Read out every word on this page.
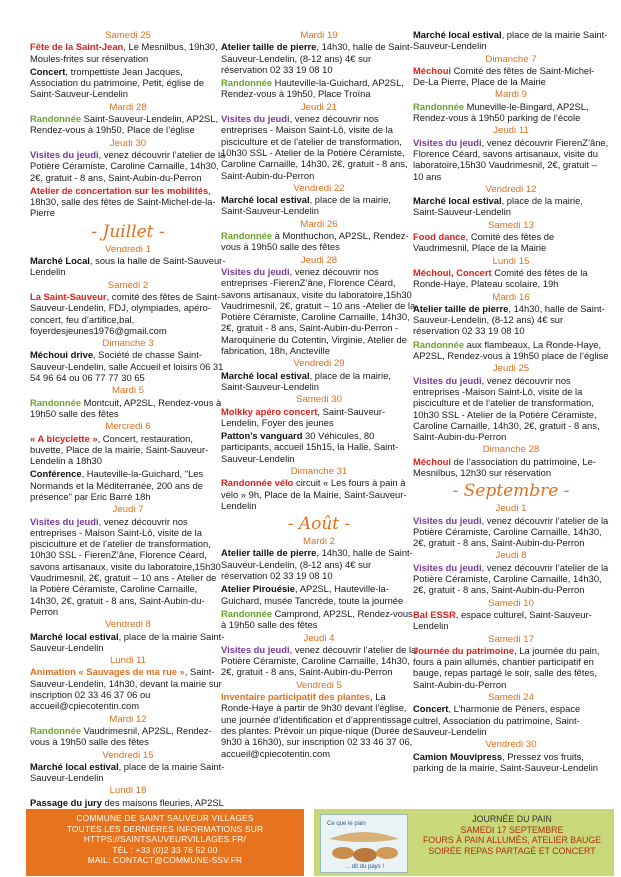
Samedi 25
Fête de la Saint-Jean, Le Mesnilbus, 19h30, Moules-frites sur réservation
Concert, trompettiste Jean Jacques, Association du patrimoine, Petit, église de Saint-Sauveur-Lendelin
Mardi 28
Randonnée Saint-Sauveur-Lendelin, AP2SL, Rendez-vous à 19h50, Place de l’église
Jeudi 30
Visites du jeudi, venez découvrir l’atelier de la Potière Céramiste, Caroline Carnaille, 14h30, 2€, gratuit - 8 ans, Saint-Aubin-du-Perron
Atelier de concertation sur les mobilités, 18h30, salle des fêtes de Saint-Michel-de-la-Pierre
- Juillet -
Vendredi 1
Marché Local, sous la halle de Saint-Sauveur-Lendelin
Samedi 2
La Saint-Sauveur, comité des fêtes de Saint-Sauveur-Lendelin, FDJ, olympiades, apéro-concert, feu d’artifice,bal, foyerdesjeunes1976@gmail.com
Dimanche 3
Méchoui drive, Société de chasse Saint-Sauveur-Lendelin, salle Accueil et loisirs 06 31 54 96 64 ou 06 77 77 30 65
Mardi 5
Randonnée Montcuit, AP2SL, Rendez-vous à 19h50 salle des fêtes
Mercredi 6
« A bicyclette », Concert, restauration, buvette, Place de la mairie, Saint-Sauveur-Lendelin à 18h30
Conférence, Hauteville-la-Guichard, "Les Normands et la Méditerranée, 200 ans de présence" par Eric Barré 18h
Jeudi 7
Visites du jeudi, venez découvrir nos entreprises - Maison Saint-Lô, visite de la pisciculture et de l’atelier de transformation, 10h30 SSL - FierenZ’âne, Florence Céard, savons artisanaux, visite du laboratoire,15h30 Vaudrimesnil, 2€, gratuit – 10 ans - Atelier de la Potière Céramiste, Caroline Carnaille, 14h30, 2€, gratuit - 8 ans, Saint-Aubin-du-Perron
Vendredi 8
Marché local estival, place de la mairie Saint-Sauveur-Lendelin
Lundi 11
Animation « Sauvages de ma rue », Saint-Sauveur-Lendelin, 14h30, devant la mairie sur inscription 02 33 46 37 06 ou accueil@cpiecotentin.com
Mardi 12
Randonnée Vaudrimesnil, AP2SL, Rendez-vous à 19h50 salle des fêtes
Vendredi 15
Marché local estival, place de la mairie Saint-Sauveur-Lendelin
Lundi 18
Passage du jury des maisons fleuries, AP2SL
Mardi 19
Atelier taille de pierre, 14h30, halle de Saint-Sauveur-Lendelin, (8-12 ans) 4€ sur réservation 02 33 19 08 10
Randonnée Hauteville-la-Guichard, AP2SL, Rendez-vous à 19h50, Place Troïna
Jeudi 21
Visites du jeudi, venez découvrir nos entreprises - Maison Saint-Lô, visite de la pisciculture et de l’atelier de transformation, 10h30 SSL - Atelier de la Potière Céramiste, Caroline Carnaille, 14h30, 2€, gratuit - 8 ans, Saint-Aubin-du-Perron
Vendredi 22
Marché local estival, place de la mairie, Saint-Sauveur-Lendelin
Mardi 26
Randonnée à Monthuchon, AP2SL, Rendez-vous à 19h50 salle des fêtes
Jeudi 28
Visites du jeudi, venez découvrir nos entreprises -FierenZ’âne, Florence Céard, savons artisanaux, visite du laboratoire,15h30 Vaudrimesnil, 2€, gratuit – 10 ans -Atelier de la Potière Céramiste, Caroline Carnaille, 14h30, 2€, gratuit - 8 ans, Saint-Aubin-du-Perron -Maroquinerie du Cotentin, Virginie, Atelier de fabrication, 18h, Ancteville
Vendredi 29
Marché local estival, place de la mairie, Saint-Sauveur-Lendelin
Samedi 30
Molkky apéro concert, Saint-Sauveur-Lendelin, Foyer des jeunes
Patton’s vanguard 30 Véhicules, 80 participants, accueil 15h15, la Halle, Saint-Sauveur-Lendelin
Dimanche 31
Randonnée vélo circuit « Les fours à pain à vélo » 9h, Place de la Mairie, Saint-Sauveur-Lendelin
- Août -
Mardi 2
Atelier taille de pierre, 14h30, halle de Saint-Sauveur-Lendelin, (8-12 ans) 4€ sur réservation 02 33 19 08 10
Atelier Pirouésie, AP2SL, Hauteville-la-Guichard, musée Tancrède, toute la journée
Randonnée Camprond, AP2SL, Rendez-vous à 19h50 salle des fêtes
Jeudi 4
Visites du jeudi, venez découvrir l’atelier de la Potière Céramiste, Caroline Carnaille, 14h30, 2€, gratuit - 8 ans, Saint-Aubin-du-Perron
Vendredi 5
Inventaire participatif des plantes, La Ronde-Haye à partir de 9h30 devant l’église, une journée d’identification et d’apprentissage des plantes. Prévoir un pique-nique (Durée de 9h30 à 16h30), sur inscription 02 33 46 37 06, accueil@cpiecotentin.com
Marché local estival, place de la mairie Saint-Sauveur-Lendelin
Dimanche 7
Méchoui Comité des fêtes de Saint-Michel-De-La Pierre, Place de la Mairie
Mardi 9
Randonnée Muneville-le-Bingard, AP2SL, Rendez-vous à 19h50 parking de l’école
Jeudi 11
Visites du jeudi, venez découvrir FierenZ’âne, Florence Céard, savons artisanaux, visite du laboratoire,15h30 Vaudrimesnil, 2€, gratuit – 10 ans
Vendredi 12
Marché local estival, place de la mairie, Saint-Sauveur-Lendelin
Samedi 13
Food dance, Comité des fêtes de Vaudrimesnil, Place de la Mairie
Lundi 15
Méchoui, Concert Comité des fêtes de la Ronde-Haye, Plateau scolaire, 19h
Mardi 16
Atelier taille de pierre, 14h30, halle de Saint-Sauveur-Lendelin, (8-12 ans) 4€ sur réservation 02 33 19 08 10
Randonnée aux flambeaux, La Ronde-Haye, AP2SL, Rendez-vous à 19h50 place de l’église
Jeudi 25
Visites du jeudi, venez découvrir nos entreprises -Maison Saint-Lô, visite de la pisciculture et de l’atelier de transformation, 10h30 SSL - Atelier de la Potière Céramiste, Caroline Carnaille, 14h30, 2€, gratuit - 8 ans, Saint-Aubin-du-Perron
Dimanche 28
Méchoui de l’association du patrimoine, Le-Mesnilbus, 12h30 sur réservation
- Septembre -
Jeudi 1
Visites du jeudi, venez découvrir l’atelier de la Potière Céramiste, Caroline Carnaille, 14h30, 2€, gratuit - 8 ans, Saint-Aubin-du-Perron
Jeudi 8
Visites du jeudi, venez découvrir l’atelier de la Potière Céramiste, Caroline Carnaille, 14h30, 2€, gratuit - 8 ans, Saint-Aubin-du-Perron
Samedi 10
Bal ESSR, espace culturel, Saint-Sauveur-Lendelin
Samedi 17
Journée du patrimoine, La journée du pain, fours à pain allumés, chantier participatif en bauge, repas partagé le soir, salle des fêtes, Saint-Aubin-du-Perron
Samedi 24
Concert, L’harmonie de Périers, espace cultrel, Association du patrimoine, Saint-Sauveur-Lendelin
Vendredi 30
Camion Mouvipress, Pressez vos fruits, parking de la mairie, Saint-Sauveur-Lendelin
COMMUNE DE SAINT SAUVEUR VILLAGES
TOUTES LES DERNIÈRES INFORMATIONS SUR
HTTPS://SAINTSAUVEURVILLAGES.FR/
TÉL : +33 (0)2 33 76 52 00
MAIL: CONTACT@COMMUNE-SSV.FR
Ce que le pain
... dit du pays !
JOURNÉE DU PAIN
SAMEDI 17 SEPTEMBRE
FOURS À PAIN ALLUMÉS, ATELIER BAUGE
SOIRÉE REPAS PARTAGÉ ET CONCERT
